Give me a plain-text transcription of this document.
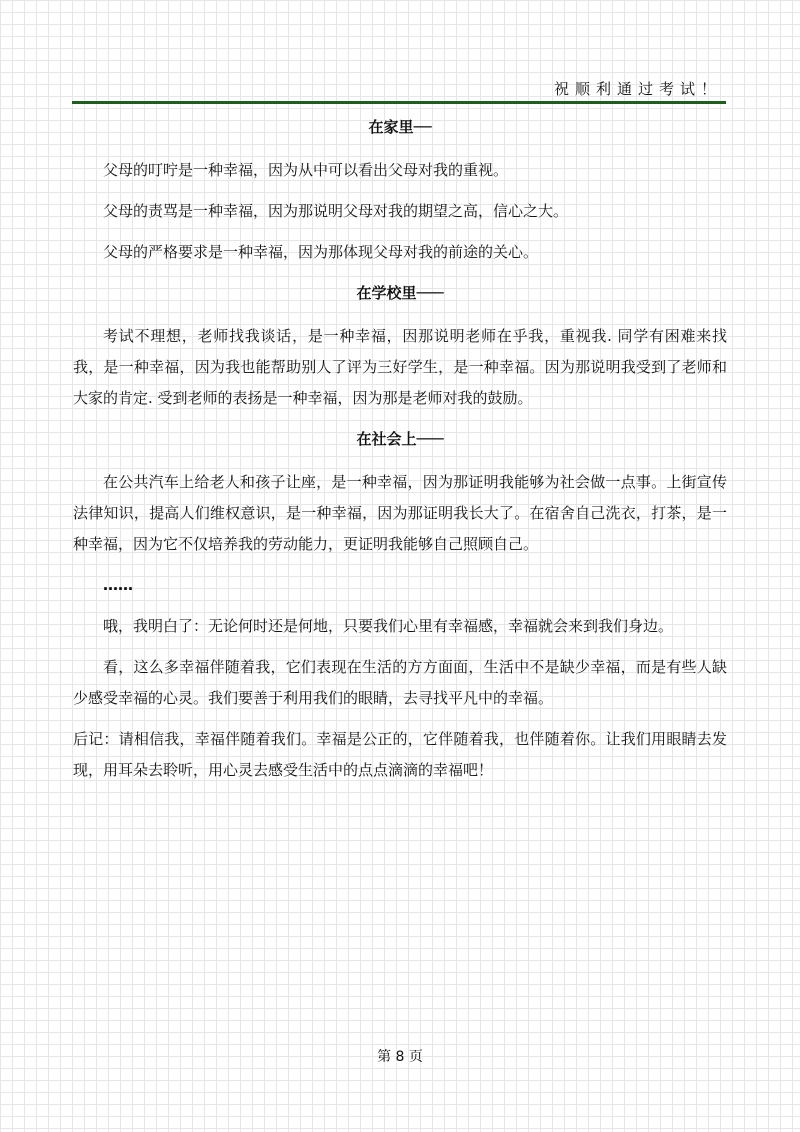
祝顺利通过考试！
在家里──

父母的叮咛是一种幸福，因为从中可以看出父母对我的重视。

父母的责骂是一种幸福，因为那说明父母对我的期望之高，信心之大。

父母的严格要求是一种幸福，因为那体现父母对我的前途的关心。

在学校里───

考试不理想，老师找我谈话，是一种幸福，因那说明老师在乎我，重视我. 同学有困难来找我，是一种幸福，因为我也能帮助别人了评为三好学生，是一种幸福。因为那说明我受到了老师和大家的肯定. 受到老师的表扬是一种幸福，因为那是老师对我的鼓励。

在社会上───

在公共汽车上给老人和孩子让座，是一种幸福，因为那证明我能够为社会做一点事。上街宣传法律知识，提高人们维权意识，是一种幸福，因为那证明我长大了。在宿舍自己洗衣，打茶，是一种幸福，因为它不仅培养我的劳动能力，更证明我能够自己照顾自己。

……

哦，我明白了：无论何时还是何地，只要我们心里有幸福感，幸福就会来到我们身边。

看，这么多幸福伴随着我，它们表现在生活的方方面面，生活中不是缺少幸福，而是有些人缺少感受幸福的心灵。我们要善于利用我们的眼睛，去寻找平凡中的幸福。

后记：请相信我，幸福伴随着我们。幸福是公正的，它伴随着我，也伴随着你。让我们用眼睛去发现，用耳朵去聆听，用心灵去感受生活中的点点滴滴的幸福吧！

第 8 页
